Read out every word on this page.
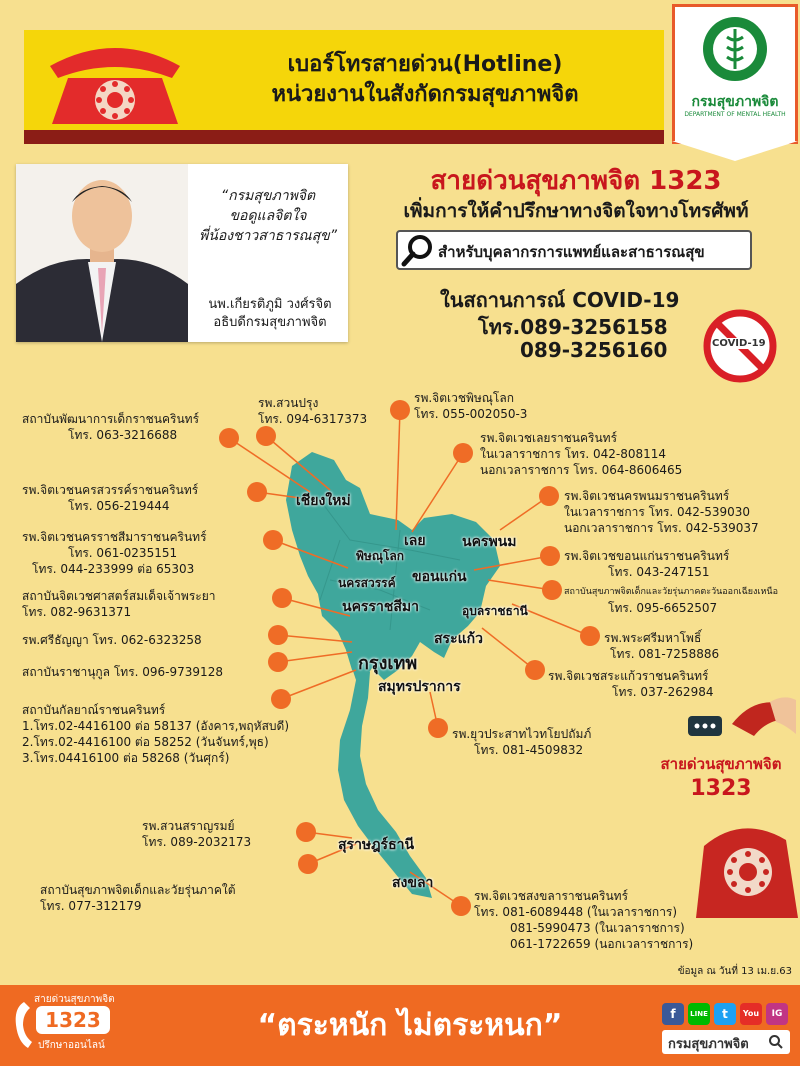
เบอร์โทรสายด่วน(Hotline)
หน่วยงานในสังกัดกรมสุขภาพจิต	กรมสุขภาพจิต
DEPARTMENT OF MENTAL HEALTH
“กรมสุขภาพจิต
ขอดูแลจิตใจ
พี่น้องชาวสาธารณสุข”
นพ.เกียรติภูมิ วงศ์รจิต
อธิบดีกรมสุขภาพจิต
สายด่วนสุขภาพจิต 1323
เพิ่มการให้คำปรึกษาทางจิตใจทางโทรศัพท์
สำหรับบุคลากรการแพทย์และสาธารณสุข
ในสถานการณ์ COVID-19
โทร.089-3256158
089-3256160	COVID-19
เชียงใหม่
เลย	นครพนม
พิษณุโลก
นครสวรรค์ ขอนแก่น
นครราชสีมา	อุบลราชธานี
สระแก้ว
กรุงเทพ
สมุทรปราการ
สุราษฎร์ธานี
สงขลา
รพ.สวนปรุง
โทร. 094-6317373
สถาบันพัฒนาการเด็กราชนครินทร์
โทร. 063-3216688
รพ.จิตเวชนครสวรรค์ราชนครินทร์
โทร. 056-219444
รพ.จิตเวชนครราชสีมาราชนครินทร์
โทร. 061-0235151
โทร. 044-233999 ต่อ 65303
สถาบันจิตเวชศาสตร์สมเด็จเจ้าพระยา
โทร. 082-9631371
รพ.ศรีธัญญา โทร. 062-6323258
สถาบันราชานุกูล โทร. 096-9739128
สถาบันกัลยาณ์ราชนครินทร์
1.โทร.02-4416100 ต่อ 58137 (อังคาร,พฤหัสบดี)
2.โทร.02-4416100 ต่อ 58252 (วันจันทร์,พุธ)
3.โทร.04416100 ต่อ 58268 (วันศุกร์)
รพ.สวนสราญรมย์
โทร. 089-2032173
สถาบันสุขภาพจิตเด็กและวัยรุ่นภาคใต้
โทร. 077-312179
รพ.จิตเวชพิษณุโลก
โทร. 055-002050-3
รพ.จิตเวชเลยราชนครินทร์
ในเวลาราชการ โทร. 042-808114
นอกเวลาราชการ โทร. 064-8606465
รพ.จิตเวชนครพนมราชนครินทร์
ในเวลาราชการ โทร. 042-539030
นอกเวลาราชการ โทร. 042-539037
รพ.จิตเวชขอนแก่นราชนครินทร์
โทร. 043-247151
สถาบันสุขภาพจิตเด็กและวัยรุ่นภาคตะวันออกเฉียงเหนือ
โทร. 095-6652507
รพ.พระศรีมหาโพธิ์
โทร. 081-7258886
รพ.จิตเวชสระแก้วราชนครินทร์
โทร. 037-262984
รพ.ยุวประสาทไวทโยปถัมภ์
โทร. 081-4509832
รพ.จิตเวชสงขลาราชนครินทร์
โทร. 081-6089448 (ในเวลาราชการ)
081-5990473 (ในเวลาราชการ)
061-1722659 (นอกเวลาราชการ)
สายด่วนสุขภาพจิต
1323
ข้อมูล ณ วันที่ 13 เม.ย.63
สายด่วนสุขภาพจิต
1323
ปรึกษาออนไลน์
“ตระหนัก ไม่ตระหนก”	f	LINE	t	You	IG
กรมสุขภาพจิต
